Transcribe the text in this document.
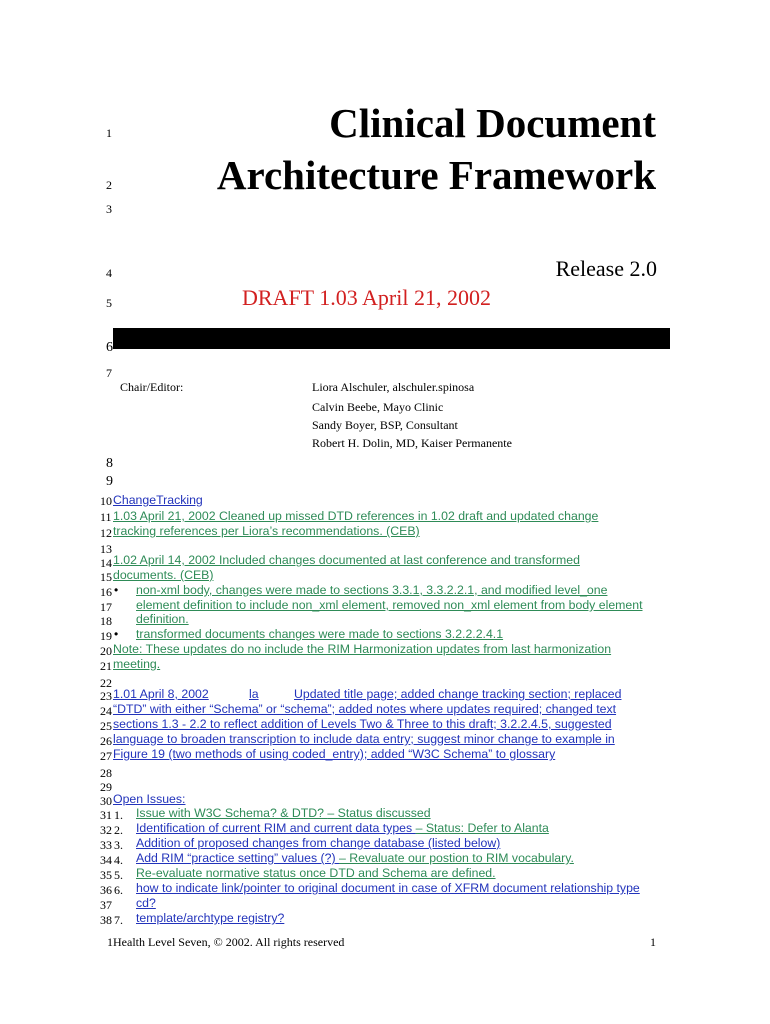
1	Clinical Document
2	Architecture Framework
3
4	Release 2.0
5	DRAFT 1.03 April 21, 2002
6
7
Chair/Editor:	Liora Alschuler, alschuler.spinosa
Calvin Beebe, Mayo Clinic
Sandy Boyer, BSP, Consultant
Robert H. Dolin, MD, Kaiser Permanente
8
9
10 ChangeTracking
11 1.03 April 21, 2002 Cleaned up missed DTD references in 1.02 draft and updated change
12 tracking references per Liora’s recommendations. (CEB)
13
14 1.02 April 14, 2002 Included changes documented at last conference and transformed
15 documents. (CEB)
16 • non-xml body, changes were made to sections 3.3.1, 3.3.2.2.1, and modified level_one
17 element definition to include non_xml element, removed non_xml element from body element
18 definition.
19 • transformed documents changes were made to sections 3.2.2.2.4.1
20 Note: These updates do no include the RIM Harmonization updates from last harmonization
21 meeting.
22
23 1.01 April 8, 2002	la	Updated title page; added change tracking section; replaced
24 “DTD” with either “Schema” or “schema”; added notes where updates required; changed text
25 sections 1.3 - 2.2 to reflect addition of Levels Two & Three to this draft; 3.2.2.4.5, suggested
26 language to broaden transcription to include data entry; suggest minor change to example in
27 Figure 19 (two methods of using coded_entry); added “W3C Schema” to glossary
28
29
30 Open Issues:
31 1. Issue with W3C Schema? & DTD? – Status discussed
32 2. Identification of current RIM and current data types – Status: Defer to Alanta
33 3. Addition of proposed changes from change database (listed below)
34 4. Add RIM “practice setting” values (?) – Revaluate our postion to RIM vocabulary.
35 5. Re-evaluate normative status once DTD and Schema are defined.
36 6. how to indicate link/pointer to original document in case of XFRM document relationship type
37 cd?
38 7. template/archtype registry?
1Health Level Seven, © 2002. All rights reserved	1
